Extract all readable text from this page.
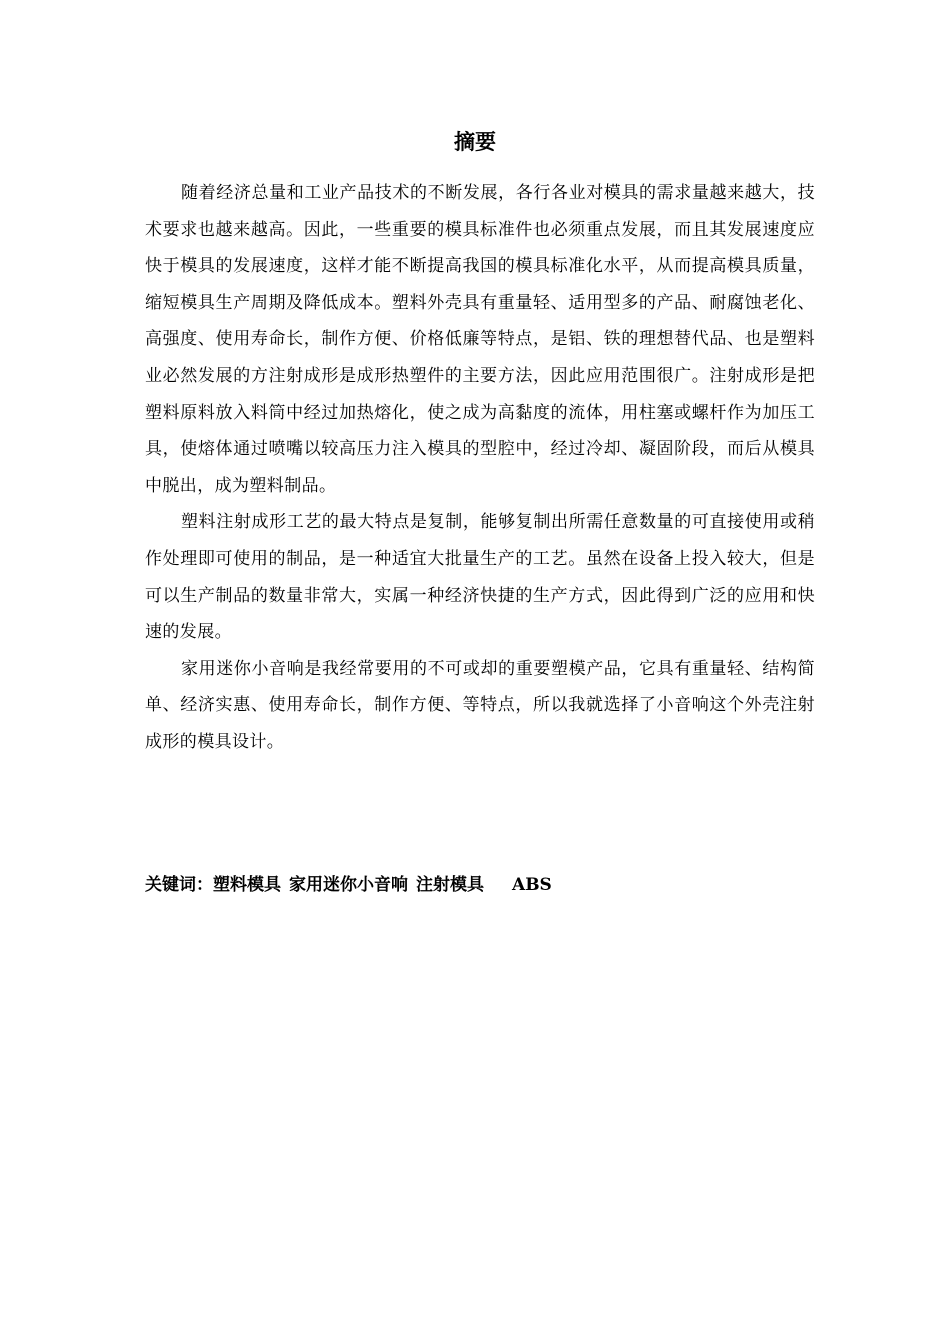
摘要

随着经济总量和工业产品技术的不断发展，各行各业对模具的需求量越来越大，技术要求也越来越高。因此，一些重要的模具标准件也必须重点发展，而且其发展速度应快于模具的发展速度，这样才能不断提高我国的模具标准化水平，从而提高模具质量，缩短模具生产周期及降低成本。塑料外壳具有重量轻、适用型多的产品、耐腐蚀老化、高强度、使用寿命长，制作方便、价格低廉等特点，是铝、铁的理想替代品、也是塑料业必然发展的方注射成形是成形热塑件的主要方法，因此应用范围很广。注射成形是把塑料原料放入料筒中经过加热熔化，使之成为高黏度的流体，用柱塞或螺杆作为加压工具，使熔体通过喷嘴以较高压力注入模具的型腔中，经过冷却、凝固阶段，而后从模具中脱出，成为塑料制品。

塑料注射成形工艺的最大特点是复制，能够复制出所需任意数量的可直接使用或稍作处理即可使用的制品，是一种适宜大批量生产的工艺。虽然在设备上投入较大，但是可以生产制品的数量非常大，实属一种经济快捷的生产方式，因此得到广泛的应用和快速的发展。

家用迷你小音响是我经常要用的不可或却的重要塑模产品，它具有重量轻、结构简单、经济实惠、使用寿命长，制作方便、等特点，所以我就选择了小音响这个外壳注射成形的模具设计。

关键词：塑料模具 家用迷你小音响 注射模具 ABS
